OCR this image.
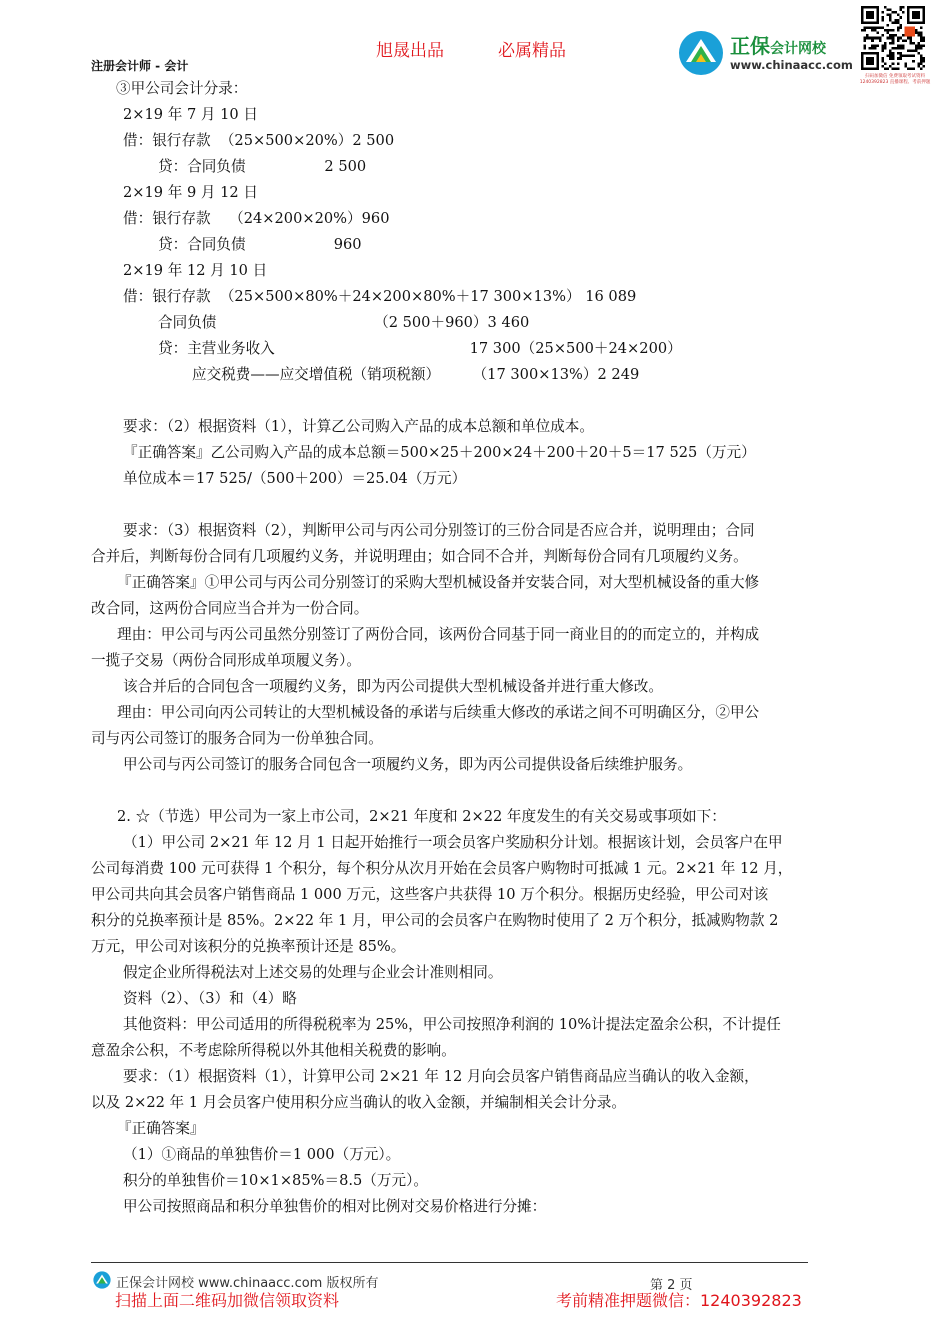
旭晟出品	必属精品
注册会计师 - 会计
正保会计网校
www.chinaacc.com
扫码加微信 免费领取考试资料 1240392823 直播课程、考前押题
③甲公司会计分录：
2×19 年 7 月 10 日
借：银行存款  （25×500×20%）2 500
贷：合同负债                 2 500
2×19 年 9 月 12 日
借：银行存款    （24×200×20%）960
贷：合同负债                   960
2×19 年 12 月 10 日
借：银行存款  （25×500×80%＋24×200×80%＋17 300×13%） 16 089
合同负债                                  （2 500＋960）3 460
贷：主营业务收入                                          17 300（25×500＋24×200）
应交税费——应交增值税（销项税额）       （17 300×13%）2 249
要求：（2）根据资料（1），计算乙公司购入产品的成本总额和单位成本。
『正确答案』乙公司购入产品的成本总额＝500×25＋200×24＋200＋20＋5＝17 525（万元）
单位成本＝17 525/（500＋200）＝25.04（万元）
要求：（3）根据资料（2），判断甲公司与丙公司分别签订的三份合同是否应合并，说明理由；合同
合并后，判断每份合同有几项履约义务，并说明理由；如合同不合并，判断每份合同有几项履约义务。
『正确答案』①甲公司与丙公司分别签订的采购大型机械设备并安装合同，对大型机械设备的重大修
改合同，这两份合同应当合并为一份合同。
理由：甲公司与丙公司虽然分别签订了两份合同，该两份合同基于同一商业目的的而定立的，并构成
一揽子交易（两份合同形成单项履义务）。
该合并后的合同包含一项履约义务，即为丙公司提供大型机械设备并进行重大修改。
理由：甲公司向丙公司转让的大型机械设备的承诺与后续重大修改的承诺之间不可明确区分，②甲公
司与丙公司签订的服务合同为一份单独合同。
甲公司与丙公司签订的服务合同包含一项履约义务，即为丙公司提供设备后续维护服务。
2. ☆（节选）甲公司为一家上市公司，2×21 年度和 2×22 年度发生的有关交易或事项如下：
（1）甲公司 2×21 年 12 月 1 日起开始推行一项会员客户奖励积分计划。根据该计划，会员客户在甲
公司每消费 100 元可获得 1 个积分，每个积分从次月开始在会员客户购物时可抵减 1 元。2×21 年 12 月，
甲公司共向其会员客户销售商品 1 000 万元，这些客户共获得 10 万个积分。根据历史经验，甲公司对该
积分的兑换率预计是 85%。2×22 年 1 月，甲公司的会员客户在购物时使用了 2 万个积分，抵减购物款 2
万元，甲公司对该积分的兑换率预计还是 85%。
假定企业所得税法对上述交易的处理与企业会计准则相同。
资料（2）、（3）和（4）略
其他资料：甲公司适用的所得税税率为 25%，甲公司按照净利润的 10%计提法定盈余公积，不计提任
意盈余公积，不考虑除所得税以外其他相关税费的影响。
要求：（1）根据资料（1），计算甲公司 2×21 年 12 月向会员客户销售商品应当确认的收入金额，
以及 2×22 年 1 月会员客户使用积分应当确认的收入金额，并编制相关会计分录。
『正确答案』
（1）①商品的单独售价＝1 000（万元）。
积分的单独售价＝10×1×85%＝8.5（万元）。
甲公司按照商品和积分单独售价的相对比例对交易价格进行分摊：
正保会计网校 www.chinaacc.com 版权所有	第 2 页
扫描上面二维码加微信领取资料	考前精准押题微信：1240392823
